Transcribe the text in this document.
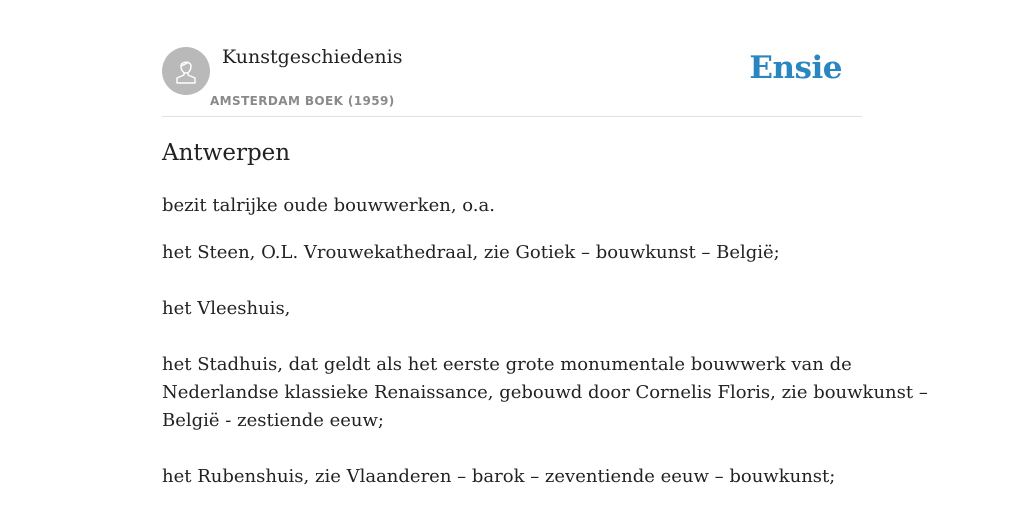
Kunstgeschiedenis
AMSTERDAM BOEK (1959)
Ensie
Antwerpen

bezit talrijke oude bouwwerken, o.a.

het Steen, O.L. Vrouwekathedraal, zie Gotiek – bouwkunst – België;

het Vleeshuis,

het Stadhuis, dat geldt als het eerste grote monumentale bouwwerk van de
Nederlandse klassieke Renaissance, gebouwd door Cornelis Floris, zie bouwkunst –
België - zestiende eeuw;

het Rubenshuis, zie Vlaanderen – barok – zeventiende eeuw – bouwkunst;
